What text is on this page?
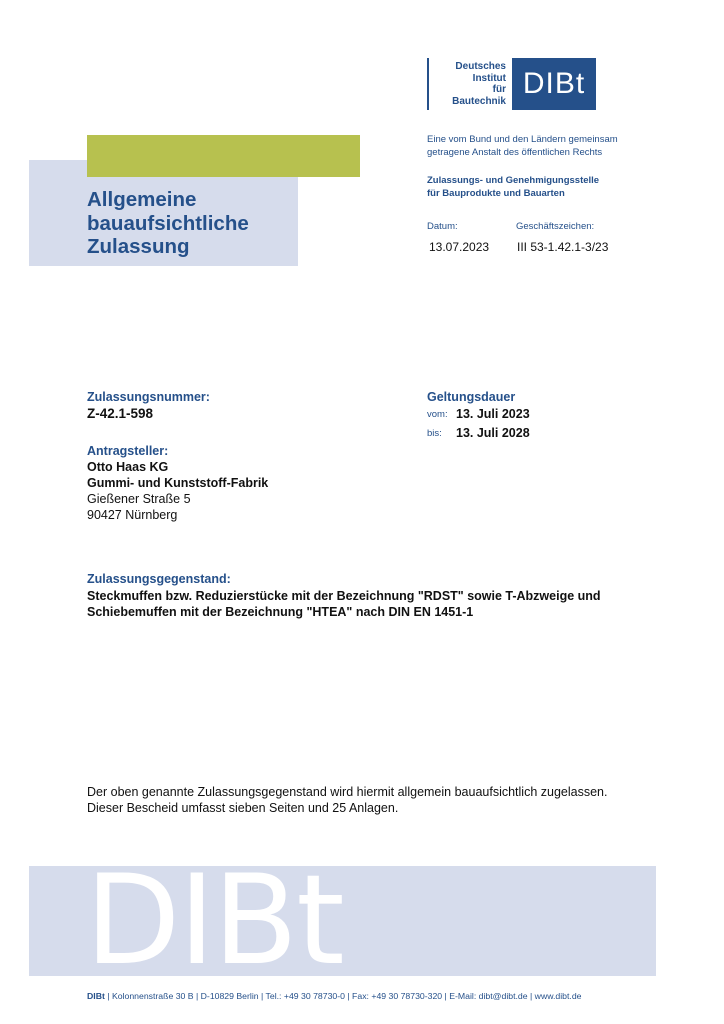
Deutsches
Institut
für
Bautechnik
DIBt
Eine vom Bund und den Ländern gemeinsam
getragene Anstalt des öffentlichen Rechts
Zulassungs- und Genehmigungsstelle
für Bauprodukte und Bauarten
Datum:	Geschäftszeichen:
13.07.2023 III 53-1.42.1-3/23
Allgemeine
bauaufsichtliche
Zulassung
Zulassungsnummer:
Z-42.1-598
Geltungsdauer
vom: 13. Juli 2023
bis: 13. Juli 2028
Antragsteller:
Otto Haas KG
Gummi- und Kunststoff-Fabrik
Gießener Straße 5
90427 Nürnberg
Zulassungsgegenstand:
Steckmuffen bzw. Reduzierstücke mit der Bezeichnung "RDST" sowie T-Abzweige und
Schiebemuffen mit der Bezeichnung "HTEA" nach DIN EN 1451-1
Der oben genannte Zulassungsgegenstand wird hiermit allgemein bauaufsichtlich zugelassen.
Dieser Bescheid umfasst sieben Seiten und 25 Anlagen.
DIBt
DIBt | Kolonnenstraße 30 B | D-10829 Berlin | Tel.: +49 30 78730-0 | Fax: +49 30 78730-320 | E-Mail: dibt@dibt.de | www.dibt.de
